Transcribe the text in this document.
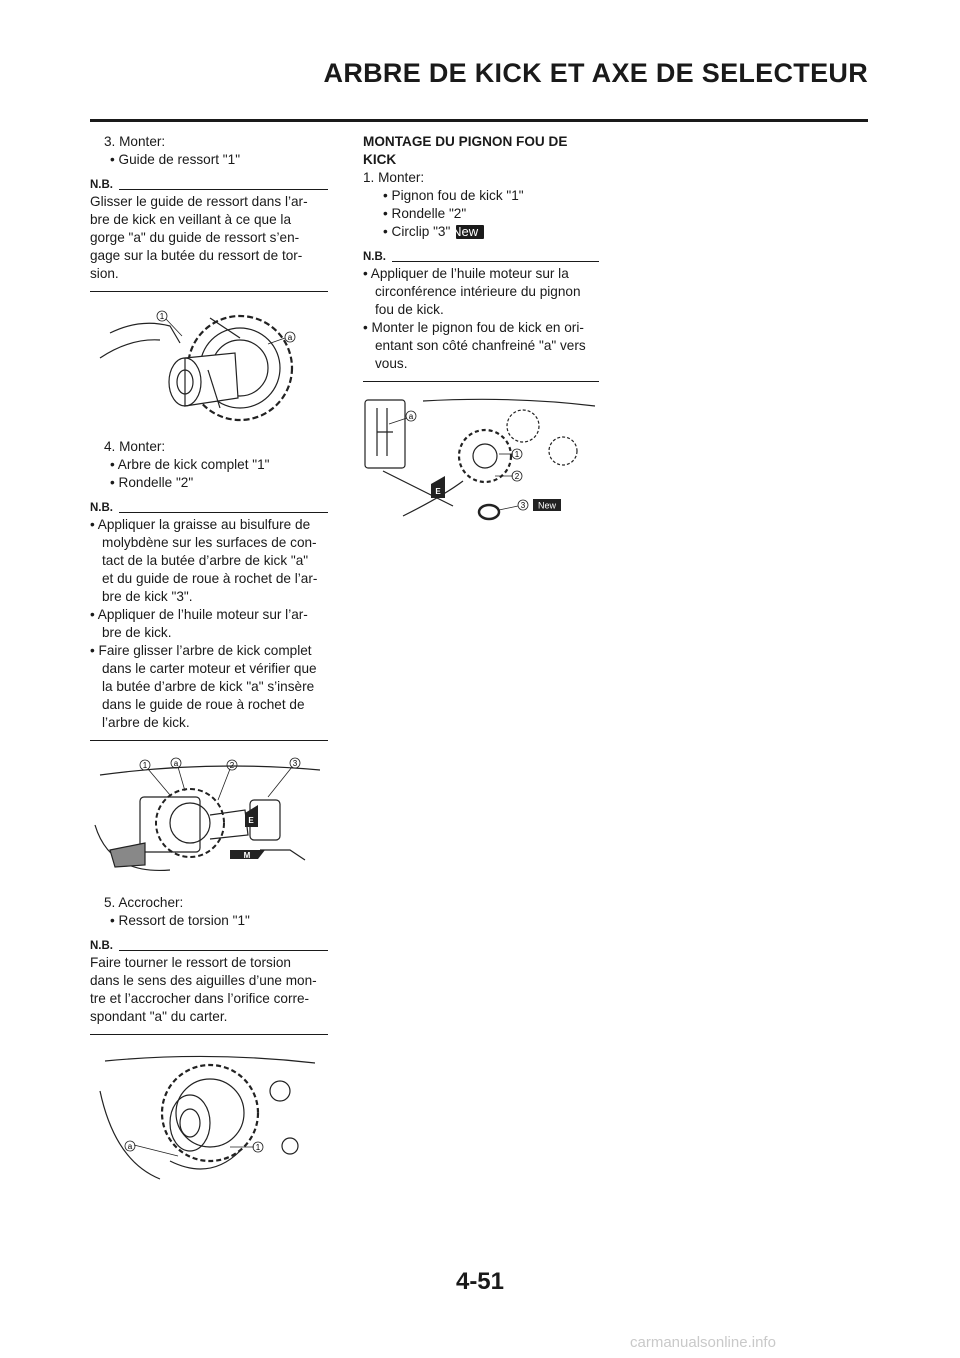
ARBRE DE KICK ET AXE DE SELECTEUR

3. Monter:

• Guide de ressort "1"

N.B.

Glisser le guide de ressort dans l’ar-

bre de kick en veillant à ce que la

gorge "a" du guide de ressort s’en-

gage sur la butée du ressort de tor-

sion.

1
a

4. Monter:

• Arbre de kick complet "1"

• Rondelle "2"

N.B.

• Appliquer la graisse au bisulfure de

molybdène sur les surfaces de con-

tact de la butée d’arbre de kick "a"

et du guide de roue à rochet de l’ar-

bre de kick "3".

• Appliquer de l’huile moteur sur l’ar-

bre de kick.

• Faire glisser l’arbre de kick complet

dans le carter moteur et vérifier que

la butée d’arbre de kick "a" s’insère

dans le guide de roue à rochet de

l’arbre de kick.

1	a	2	3
E
M

5. Accrocher:

• Ressort de torsion "1"

N.B.

Faire tourner le ressort de torsion

dans le sens des aiguilles d’une mon-

tre et l’accrocher dans l’orifice corre-

spondant "a" du carter.

a	1

MONTAGE DU PIGNON FOU DE

KICK

1. Monter:

• Pignon fou de kick "1"

• Rondelle "2"

• Circlip "3" New

N.B.

• Appliquer de l’huile moteur sur la

circonférence intérieure du pignon

fou de kick.

• Monter le pignon fou de kick en ori-

entant son côté chanfreiné "a" vers

vous.

a
1
2
3
E
New
4-51
carmanualsonline.info
